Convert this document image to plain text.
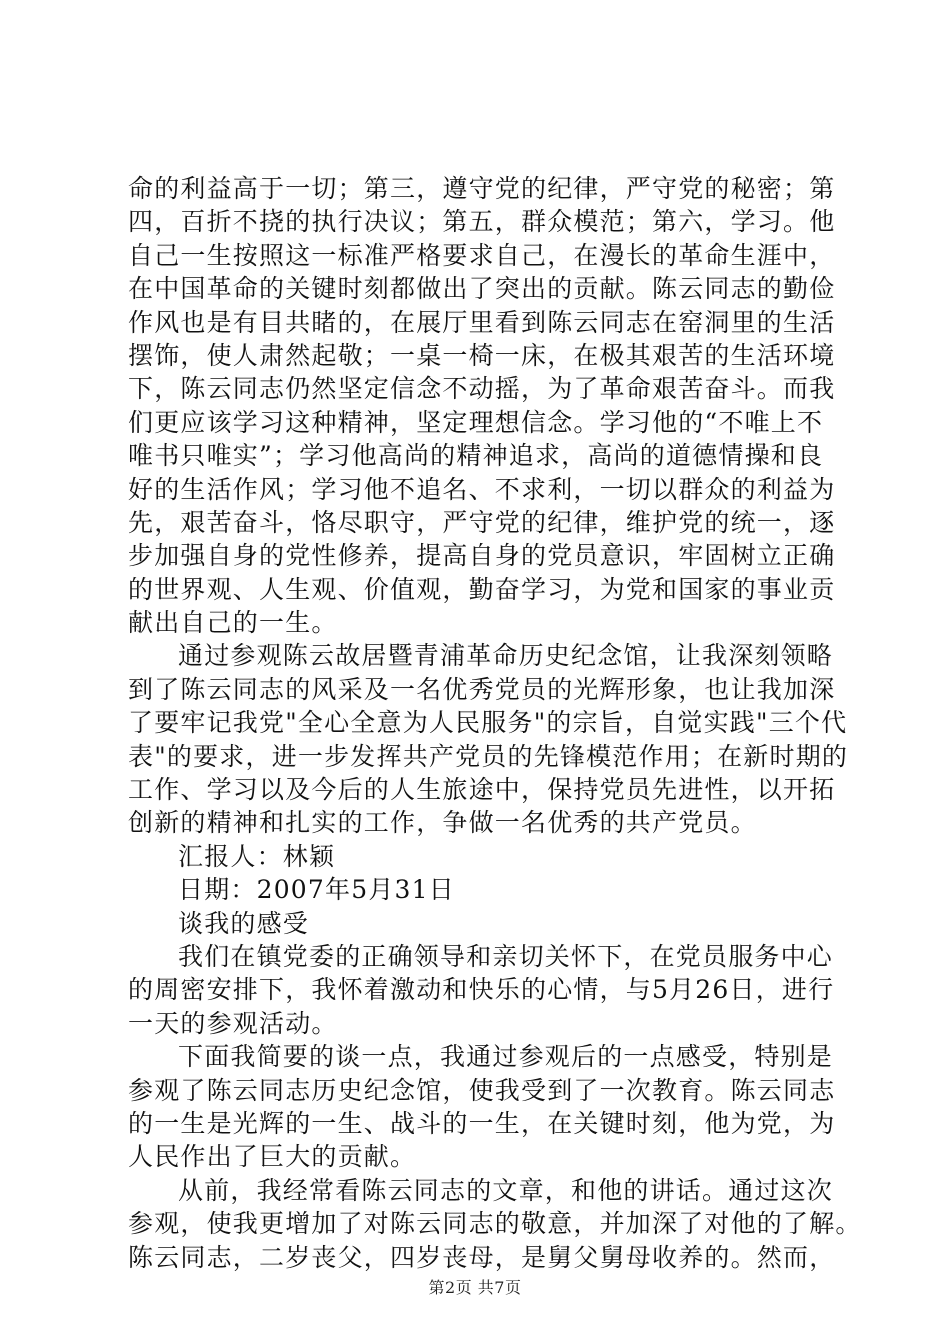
命的利益高于一切；第三，遵守党的纪律，严守党的秘密；第
四，百折不挠的执行决议；第五，群众模范；第六，学习。他
自己一生按照这一标准严格要求自己，在漫长的革命生涯中，
在中国革命的关键时刻都做出了突出的贡献。陈云同志的勤俭
作风也是有目共睹的，在展厅里看到陈云同志在窑洞里的生活
摆饰，使人肃然起敬；一桌一椅一床，在极其艰苦的生活环境
下，陈云同志仍然坚定信念不动摇，为了革命艰苦奋斗。而我
们更应该学习这种精神，坚定理想信念。学习他的“不唯上不
唯书只唯实”；学习他高尚的精神追求，高尚的道德情操和良
好的生活作风；学习他不追名、不求利，一切以群众的利益为
先，艰苦奋斗，恪尽职守，严守党的纪律，维护党的统一，逐
步加强自身的党性修养，提高自身的党员意识，牢固树立正确
的世界观、人生观、价值观，勤奋学习，为党和国家的事业贡
献出自己的一生。
通过参观陈云故居暨青浦革命历史纪念馆，让我深刻领略
到了陈云同志的风采及一名优秀党员的光辉形象，也让我加深
了要牢记我党"全心全意为人民服务"的宗旨，自觉实践"三个代
表"的要求，进一步发挥共产党员的先锋模范作用；在新时期的
工作、学习以及今后的人生旅途中，保持党员先进性，以开拓
创新的精神和扎实的工作，争做一名优秀的共产党员。
汇报人：林颖
日期：2007年5月31日
谈我的感受
我们在镇党委的正确领导和亲切关怀下，在党员服务中心
的周密安排下，我怀着激动和快乐的心情，与5月26日，进行
一天的参观活动。
下面我简要的谈一点，我通过参观后的一点感受，特别是
参观了陈云同志历史纪念馆，使我受到了一次教育。陈云同志
的一生是光辉的一生、战斗的一生，在关键时刻，他为党，为
人民作出了巨大的贡献。
从前，我经常看陈云同志的文章，和他的讲话。通过这次
参观，使我更增加了对陈云同志的敬意，并加深了对他的了解。
陈云同志，二岁丧父，四岁丧母，是舅父舅母收养的。然而，
第2页 共7页
